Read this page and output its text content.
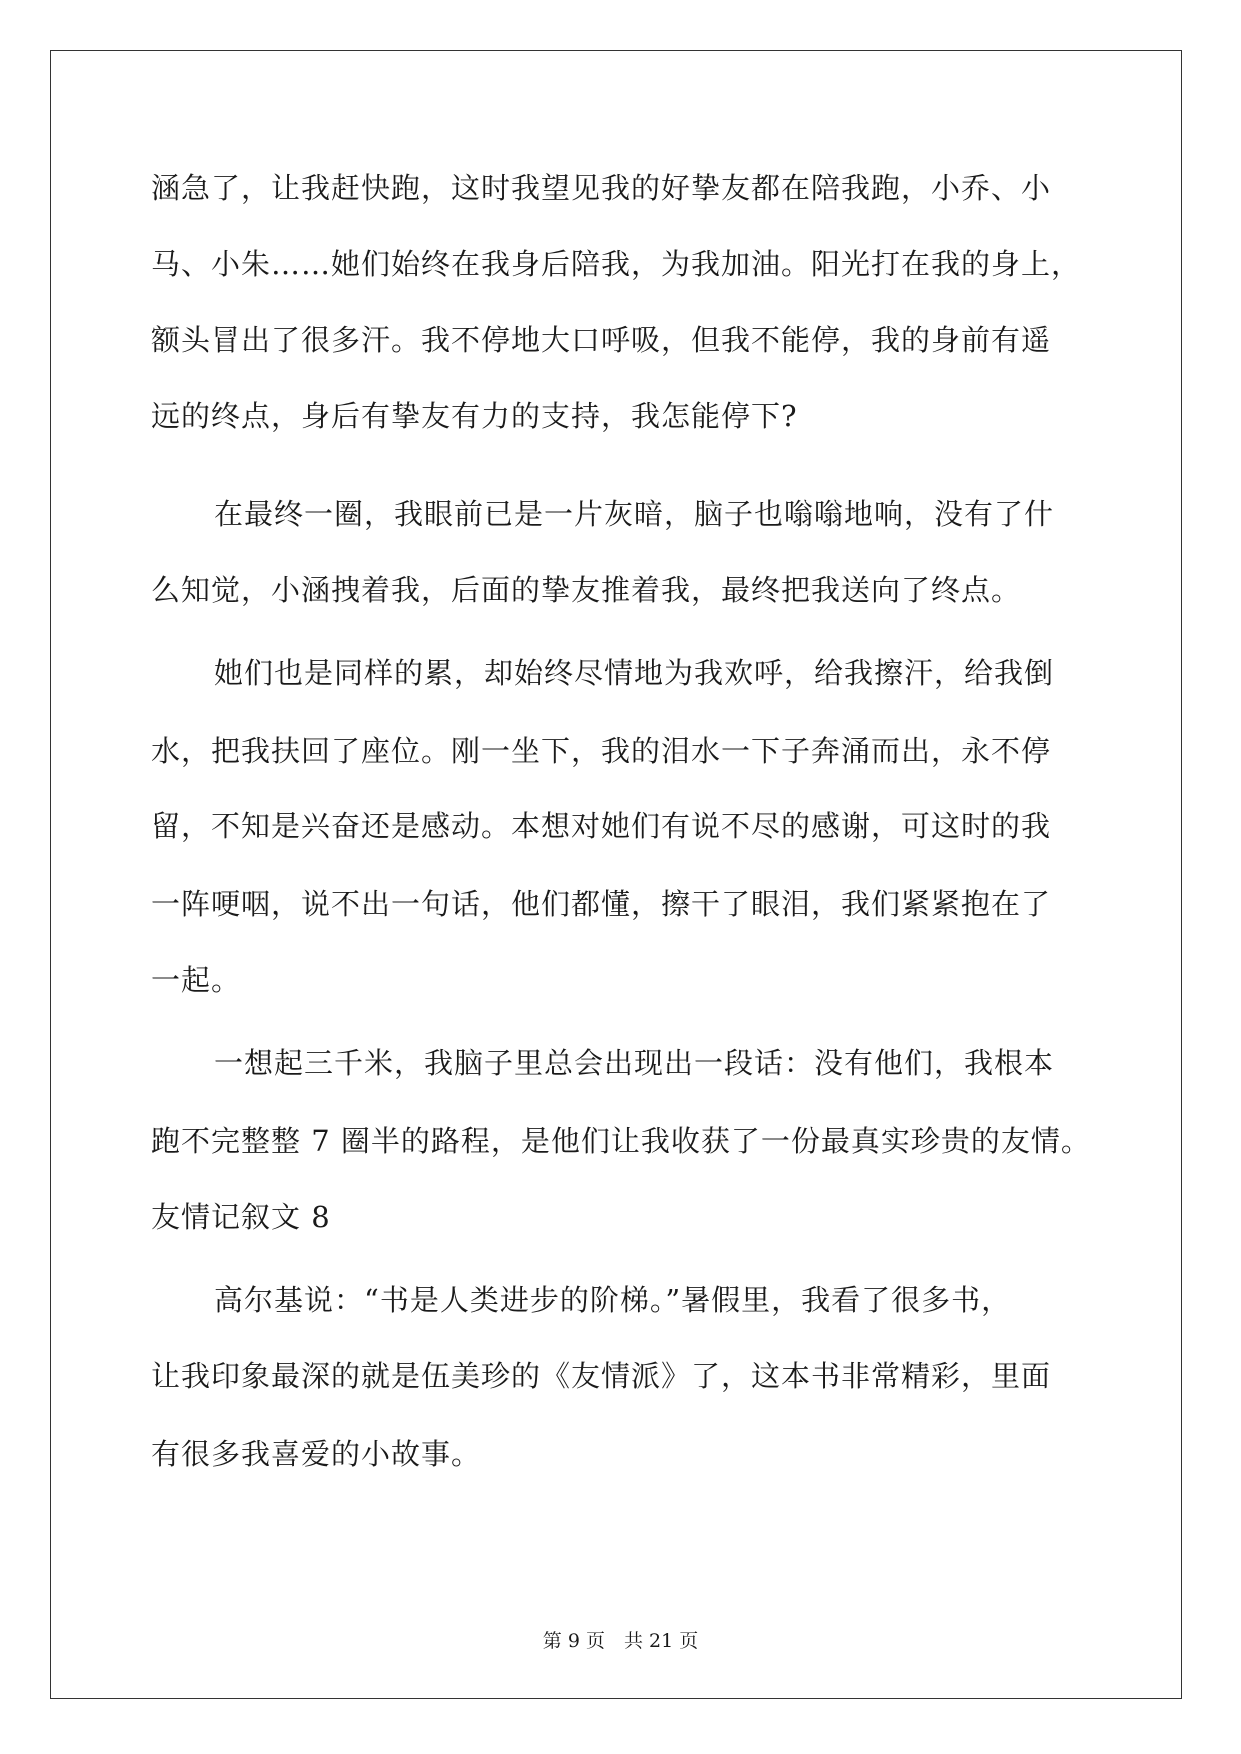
涵急了，让我赶快跑，这时我望见我的好挚友都在陪我跑，小乔、小
马、小朱……她们始终在我身后陪我，为我加油。阳光打在我的身上，
额头冒出了很多汗。我不停地大口呼吸，但我不能停，我的身前有遥
远的终点，身后有挚友有力的支持，我怎能停下?
在最终一圈，我眼前已是一片灰暗，脑子也嗡嗡地响，没有了什
么知觉，小涵拽着我，后面的挚友推着我，最终把我送向了终点。
她们也是同样的累，却始终尽情地为我欢呼，给我擦汗，给我倒
水，把我扶回了座位。刚一坐下，我的泪水一下子奔涌而出，永不停
留，不知是兴奋还是感动。本想对她们有说不尽的感谢，可这时的我
一阵哽咽，说不出一句话，他们都懂，擦干了眼泪，我们紧紧抱在了
一起。
一想起三千米，我脑子里总会出现出一段话：没有他们，我根本
跑不完整整 7 圈半的路程，是他们让我收获了一份最真实珍贵的友情。
友情记叙文 8
高尔基说：“书是人类进步的阶梯。”暑假里，我看了很多书，
让我印象最深的就是伍美珍的《友情派》了，这本书非常精彩，里面
有很多我喜爱的小故事。
第 9 页　共 21 页
